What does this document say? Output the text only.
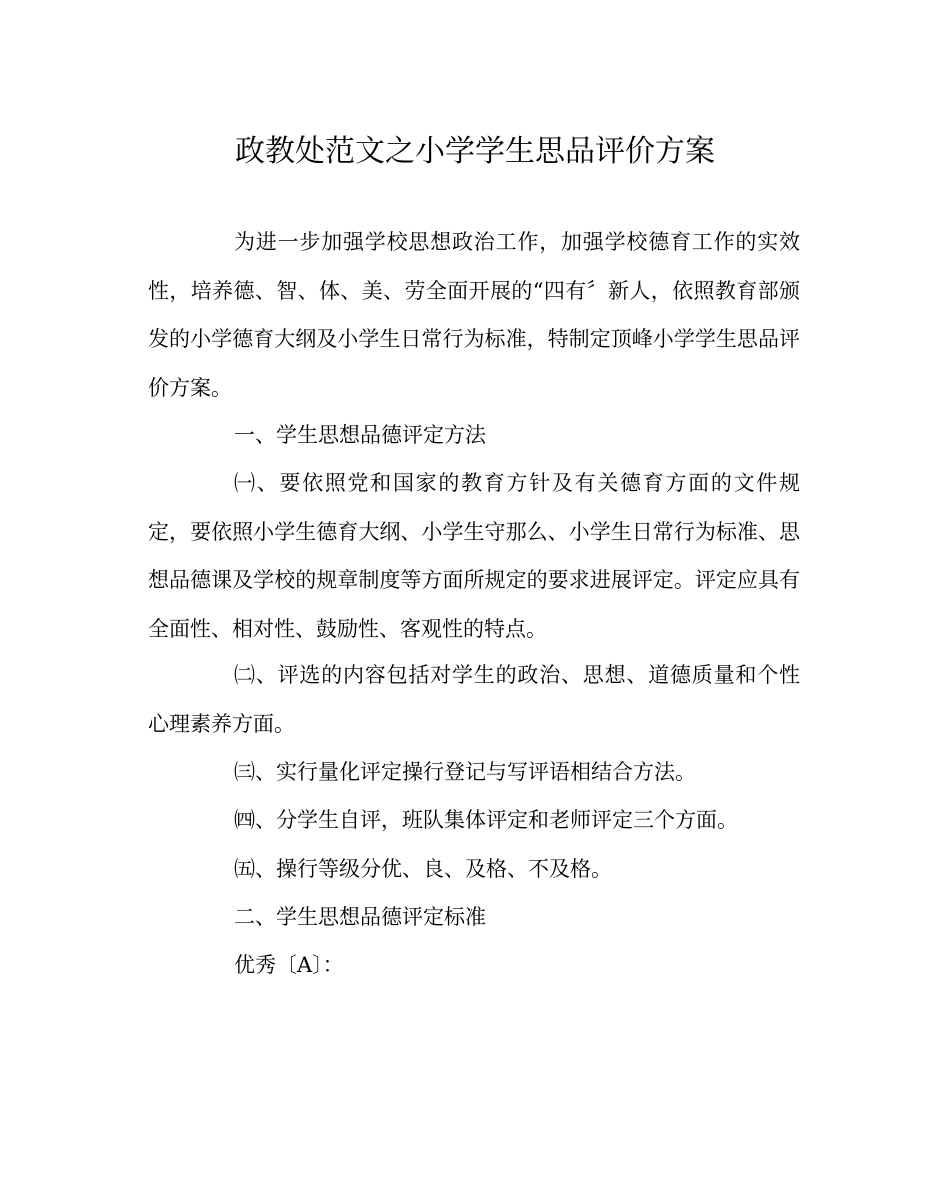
政教处范文之小学学生思品评价方案

为进一步加强学校思想政治工作，加强学校德育工作的实效性，培养德、智、体、美、劳全面开展的“四有〞新人，依照教育部颁发的小学德育大纲及小学生日常行为标准，特制定顶峰小学学生思品评价方案。

一、学生思想品德评定方法

㈠、要依照党和国家的教育方针及有关德育方面的文件规定，要依照小学生德育大纲、小学生守那么、小学生日常行为标准、思想品德课及学校的规章制度等方面所规定的要求进展评定。评定应具有全面性、相对性、鼓励性、客观性的特点。

㈡、评选的内容包括对学生的政治、思想、道德质量和个性心理素养方面。

㈢、实行量化评定操行登记与写评语相结合方法。

㈣、分学生自评，班队集体评定和老师评定三个方面。

㈤、操行等级分优、良、及格、不及格。

二、学生思想品德评定标准

优秀〔A〕：
